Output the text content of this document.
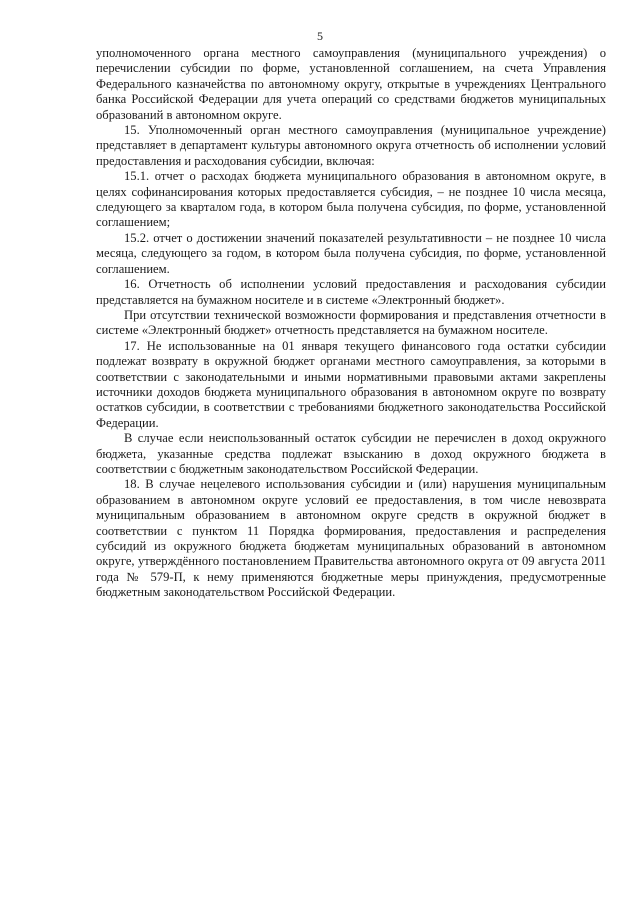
5

уполномоченного органа местного самоуправления (муниципального учреждения) о перечислении субсидии по форме, установленной соглашением, на счета Управления Федерального казначейства по автономному округу, открытые в учреждениях Центрального банка Российской Федерации для учета операций со средствами бюджетов муниципальных образований в автономном округе.

15. Уполномоченный орган местного самоуправления (муниципальное учреждение) представляет в департамент культуры автономного округа отчетность об исполнении условий предоставления и расходования субсидии, включая:

15.1. отчет о расходах бюджета муниципального образования в автономном округе, в целях софинансирования которых предоставляется субсидия, – не позднее 10 числа месяца, следующего за кварталом года, в котором была получена субсидия, по форме, установленной соглашением;

15.2. отчет о достижении значений показателей результативности – не позднее 10 числа месяца, следующего за годом, в котором была получена субсидия, по форме, установленной соглашением.

16. Отчетность об исполнении условий предоставления и расходования субсидии представляется на бумажном носителе и в системе «Электронный бюджет».

При отсутствии технической возможности формирования и представления отчетности в системе «Электронный бюджет» отчетность представляется на бумажном носителе.

17. Не использованные на 01 января текущего финансового года остатки субсидии подлежат возврату в окружной бюджет органами местного самоуправления, за которыми в соответствии с законодательными и иными нормативными правовыми актами закреплены источники доходов бюджета муниципального образования в автономном округе по возврату остатков субсидии, в соответствии с требованиями бюджетного законодательства Российской Федерации.

В случае если неиспользованный остаток субсидии не перечислен в доход окружного бюджета, указанные средства подлежат взысканию в доход окружного бюджета в соответствии с бюджетным законодательством Российской Федерации.

18. В случае нецелевого использования субсидии и (или) нарушения муниципальным образованием в автономном округе условий ее предоставления, в том числе невозврата муниципальным образованием в автономном округе средств в окружной бюджет в соответствии с пунктом 11 Порядка формирования, предоставления и распределения субсидий из окружного бюджета бюджетам муниципальных образований в автономном округе, утверждённого постановлением Правительства автономного округа от 09 августа 2011 года № 579-П, к нему применяются бюджетные меры принуждения, предусмотренные бюджетным законодательством Российской Федерации.
